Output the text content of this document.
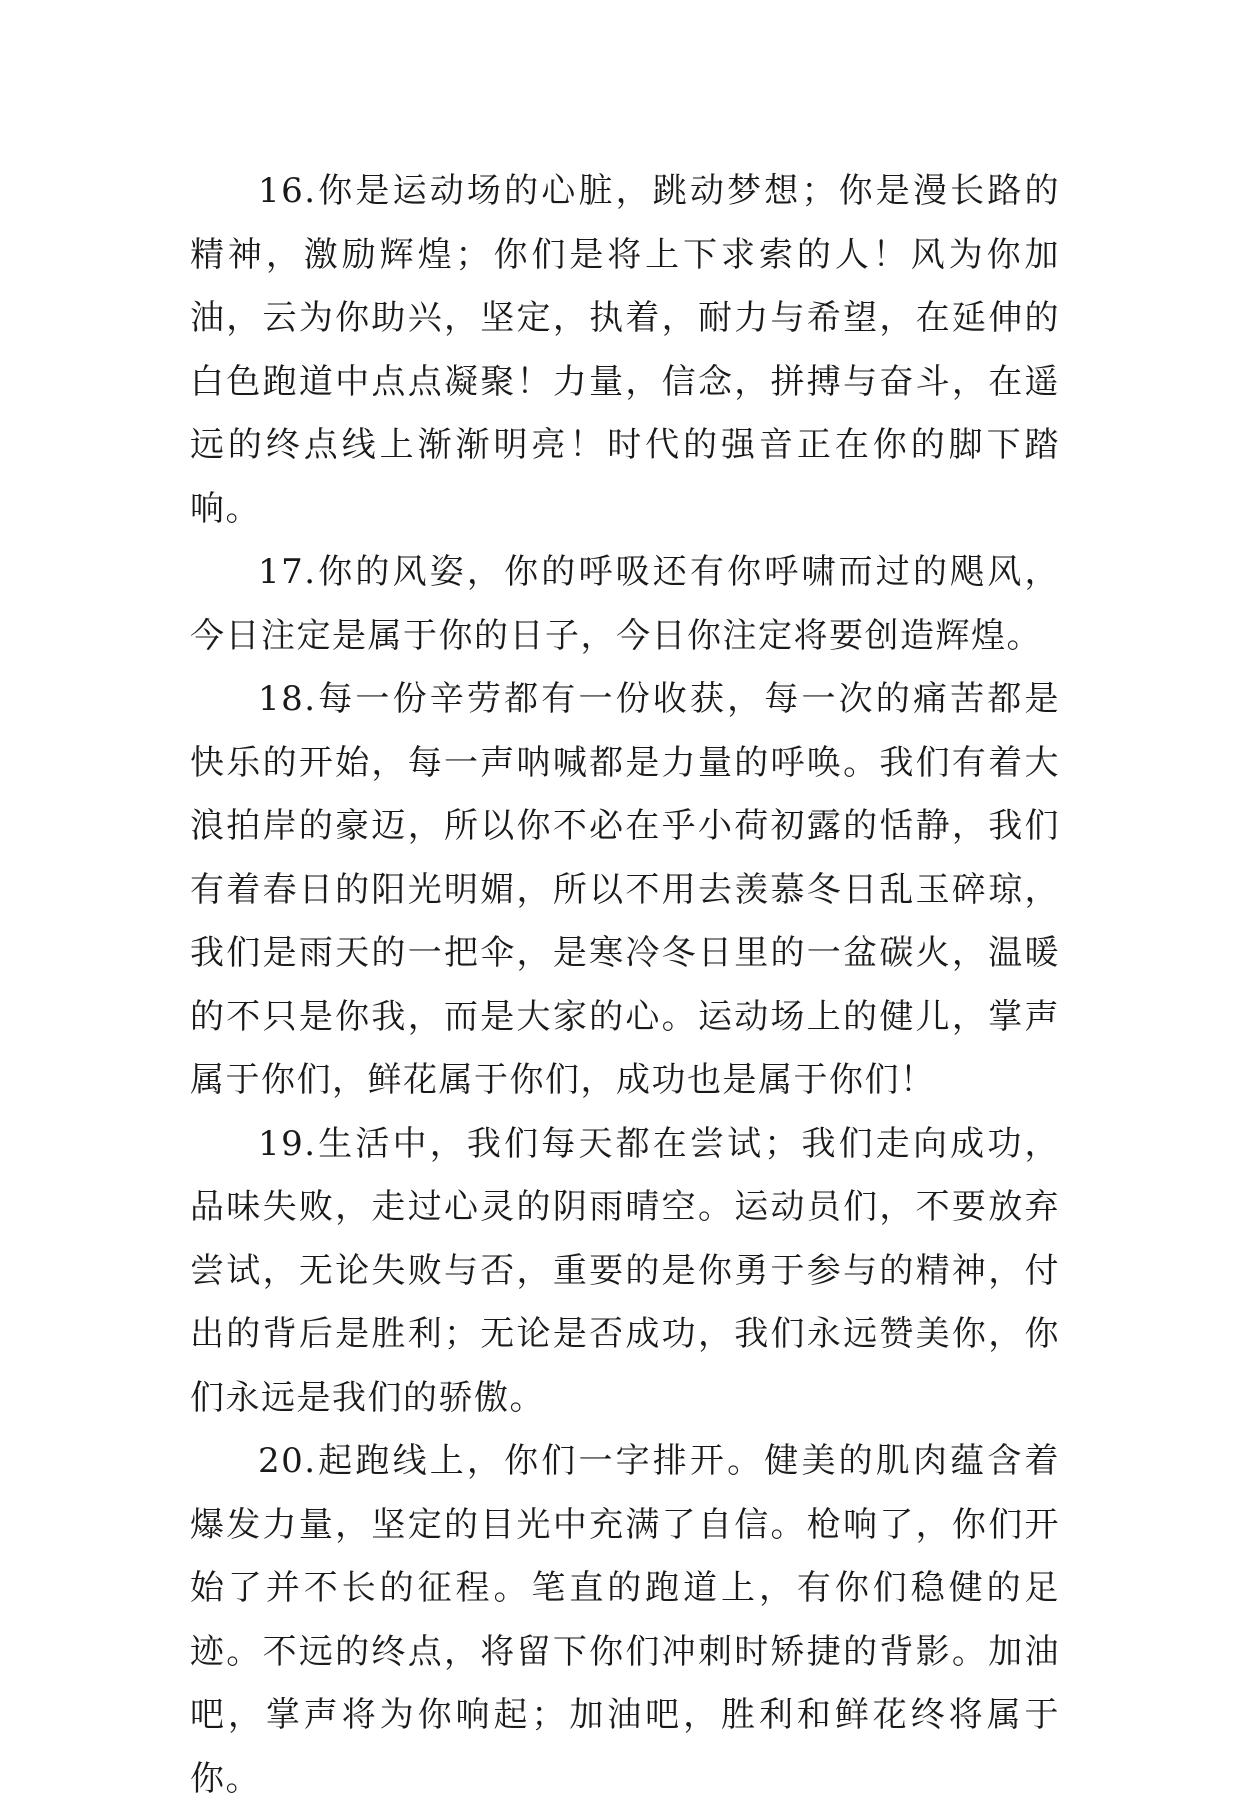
16.你是运动场的心脏，跳动梦想；你是漫长路的精神，激励辉煌；你们是将上下求索的人！风为你加油，云为你助兴，坚定，执着，耐力与希望，在延伸的白色跑道中点点凝聚！力量，信念，拼搏与奋斗，在遥远的终点线上渐渐明亮！时代的强音正在你的脚下踏响。

17.你的风姿，你的呼吸还有你呼啸而过的飓风，今日注定是属于你的日子，今日你注定将要创造辉煌。

18.每一份辛劳都有一份收获，每一次的痛苦都是快乐的开始，每一声呐喊都是力量的呼唤。我们有着大浪拍岸的豪迈，所以你不必在乎小荷初露的恬静，我们有着春日的阳光明媚，所以不用去羡慕冬日乱玉碎琼，我们是雨天的一把伞，是寒冷冬日里的一盆碳火，温暖的不只是你我，而是大家的心。运动场上的健儿，掌声属于你们，鲜花属于你们，成功也是属于你们！

19.生活中，我们每天都在尝试；我们走向成功，品味失败，走过心灵的阴雨晴空。运动员们，不要放弃尝试，无论失败与否，重要的是你勇于参与的精神，付出的背后是胜利；无论是否成功，我们永远赞美你，你们永远是我们的骄傲。

20.起跑线上，你们一字排开。健美的肌肉蕴含着爆发力量，坚定的目光中充满了自信。枪响了，你们开始了并不长的征程。笔直的跑道上，有你们稳健的足迹。不远的终点，将留下你们冲刺时矫捷的背影。加油吧，掌声将为你响起；加油吧，胜利和鲜花终将属于你。
